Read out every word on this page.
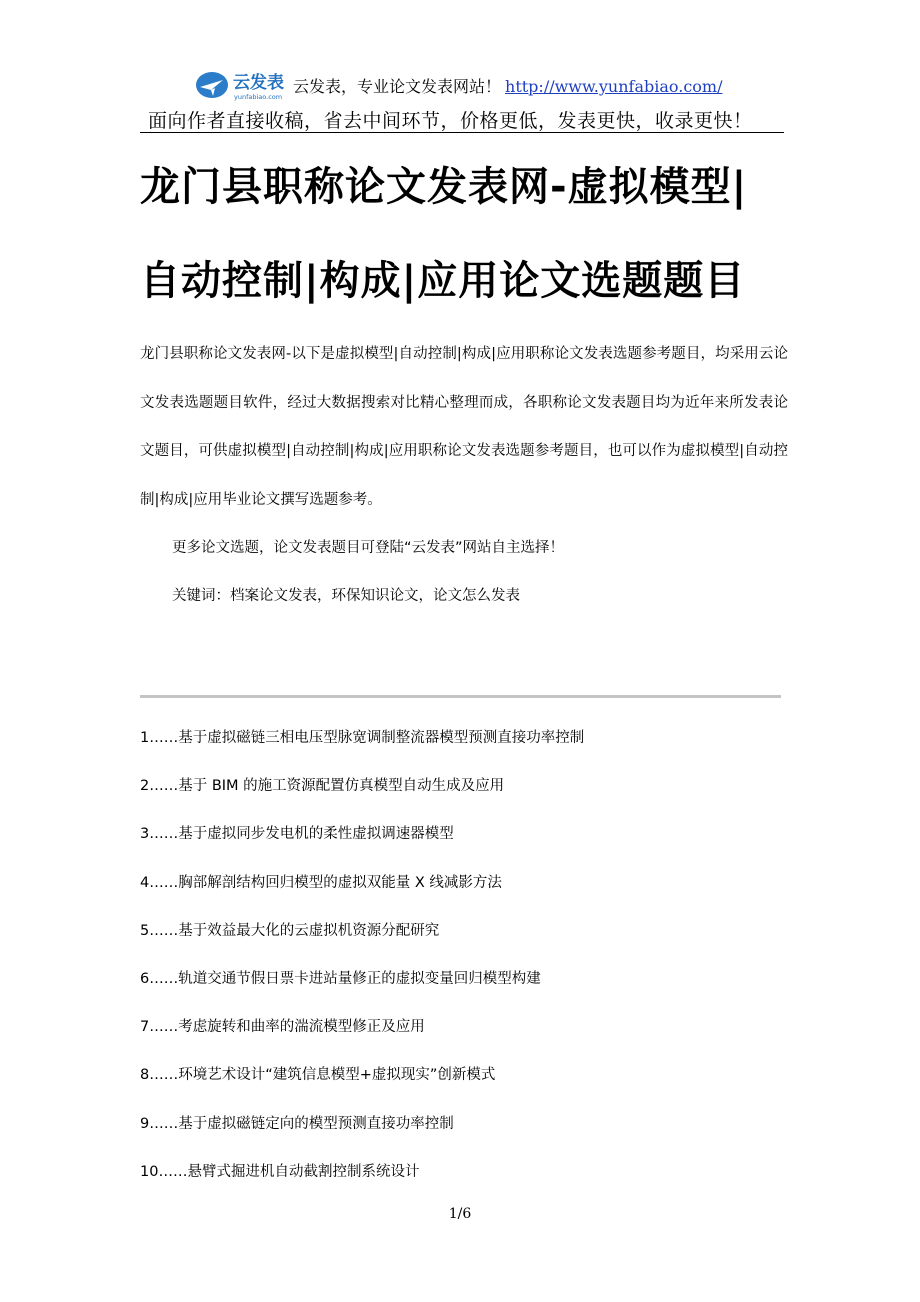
云发表
yunfabiao.com
云发表，专业论文发表网站！ http://www.yunfabiao.com/
面向作者直接收稿，省去中间环节，价格更低，发表更快，收录更快！
龙门县职称论文发表网-虚拟模型|
自动控制|构成|应用论文选题题目

龙门县职称论文发表网-以下是虚拟模型|自动控制|构成|应用职称论文发表选题参考题目，均采用云论文发表选题题目软件，经过大数据搜索对比精心整理而成，各职称论文发表题目均为近年来所发表论文题目，可供虚拟模型|自动控制|构成|应用职称论文发表选题参考题目，也可以作为虚拟模型|自动控制|构成|应用毕业论文撰写选题参考。

更多论文选题，论文发表题目可登陆“云发表”网站自主选择！

关键词：档案论文发表，环保知识论文，论文怎么发表

1……基于虚拟磁链三相电压型脉宽调制整流器模型预测直接功率控制
2……基于 BIM 的施工资源配置仿真模型自动生成及应用
3……基于虚拟同步发电机的柔性虚拟调速器模型
4……胸部解剖结构回归模型的虚拟双能量 X 线减影方法
5……基于效益最大化的云虚拟机资源分配研究
6……轨道交通节假日票卡进站量修正的虚拟变量回归模型构建
7……考虑旋转和曲率的湍流模型修正及应用
8……环境艺术设计“建筑信息模型+虚拟现实”创新模式
9……基于虚拟磁链定向的模型预测直接功率控制
10……悬臂式掘进机自动截割控制系统设计
1/6
